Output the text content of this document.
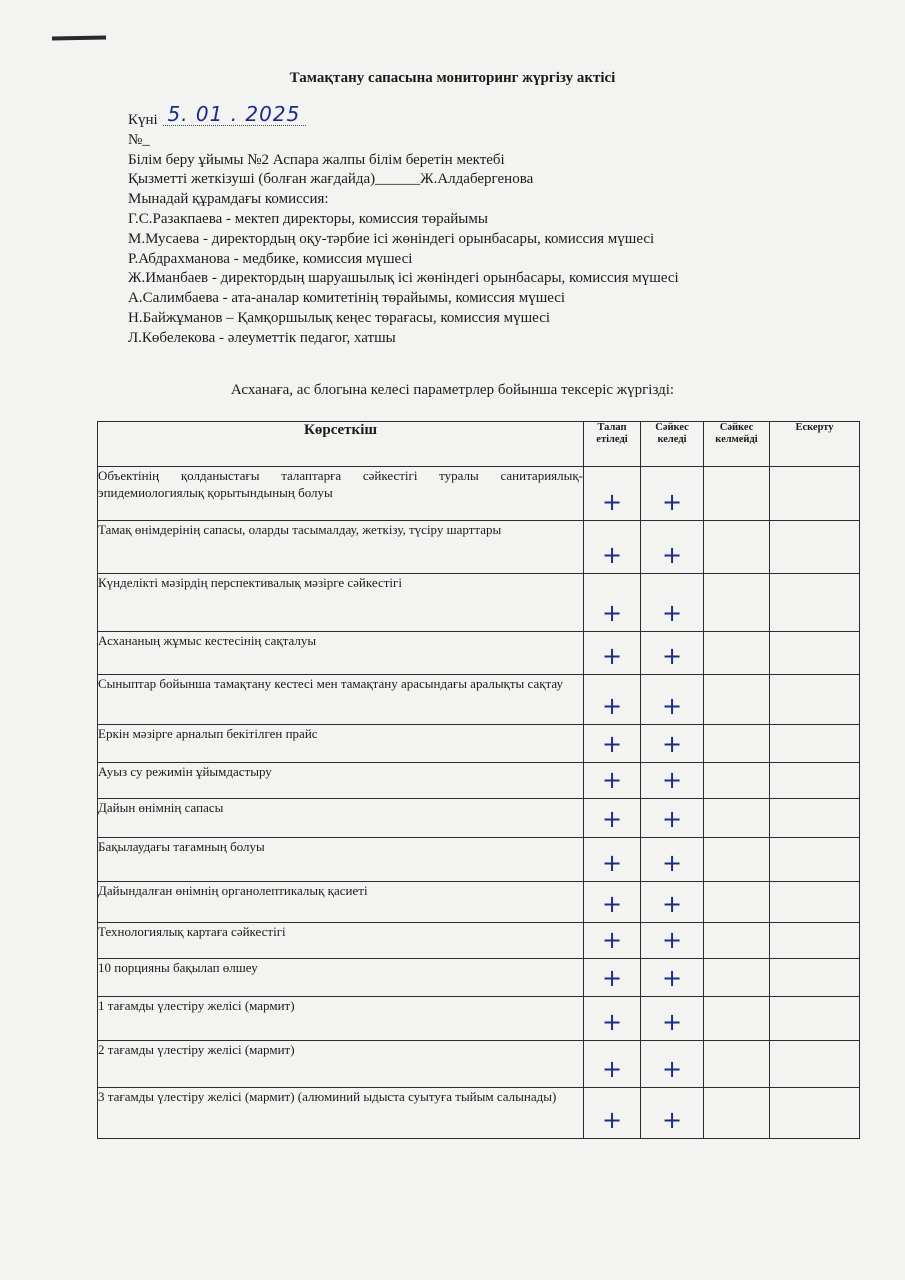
Тамақтану сапасына мониторинг жүргізу актісі
Күні 5. 01 . 2025
№_
Білім беру ұйымы №2 Аспара жалпы білім беретін мектебі
Қызметті жеткізуші (болған жағдайда)______Ж.Алдабергенова
Мынадай құрамдағы комиссия:
Г.С.Разакпаева - мектеп директоры, комиссия төрайымы
М.Мусаева - директордың оқу-тәрбие ісі жөніндегі орынбасары, комиссия мүшесі
Р.Абдрахманова - медбике, комиссия мүшесі
Ж.Иманбаев - директордың шаруашылық ісі жөніндегі орынбасары, комиссия мүшесі
А.Салимбаева - ата-аналар комитетінің төрайымы, комиссия мүшесі
Н.Байжұманов – Қамқоршылық кеңес төрағасы, комиссия мүшесі
Л.Көбелекова - әлеуметтік педагог, хатшы
Асханаға, ас блогына келесі параметрлер бойынша тексеріс жүргізді:
Көрсеткіш	Талап етіледі	Сәйкес келеді	Сәйкес келмейді	Ескерту
Объектінің қолданыстағы талаптарға сәйкестігі туралы санитариялық-эпидемиологиялық қорытындының болуы	+	+		

Тамақ өнімдерінің сапасы, оларды тасымалдау, жеткізу, түсіру шарттары	+	+		

Күнделікті мәзірдің перспективалық мәзірге сәйкестігі	+	+		

Асхананың жұмыс кестесінің сақталуы	+	+		

Сыныптар бойынша тамақтану кестесі мен тамақтану арасындағы аралықты сақтау	+	+		

Еркін мәзірге арналып бекітілген прайс	+	+		

Ауыз су режимін ұйымдастыру	+	+		

Дайын өнімнің сапасы	+	+		

Бақылаудағы тағамның болуы	+	+		

Дайындалған өнімнің органолептикалық қасиеті	+	+		

Технологиялық картаға сәйкестігі	+	+		

10 порцияны бақылап өлшеу	+	+		

1 тағамды үлестіру желісі (мармит)	+	+		

2 тағамды үлестіру желісі (мармит)	+	+		

3 тағамды үлестіру желісі (мармит) (алюминий ыдыста суытуға тыйым салынады)	+	+		
